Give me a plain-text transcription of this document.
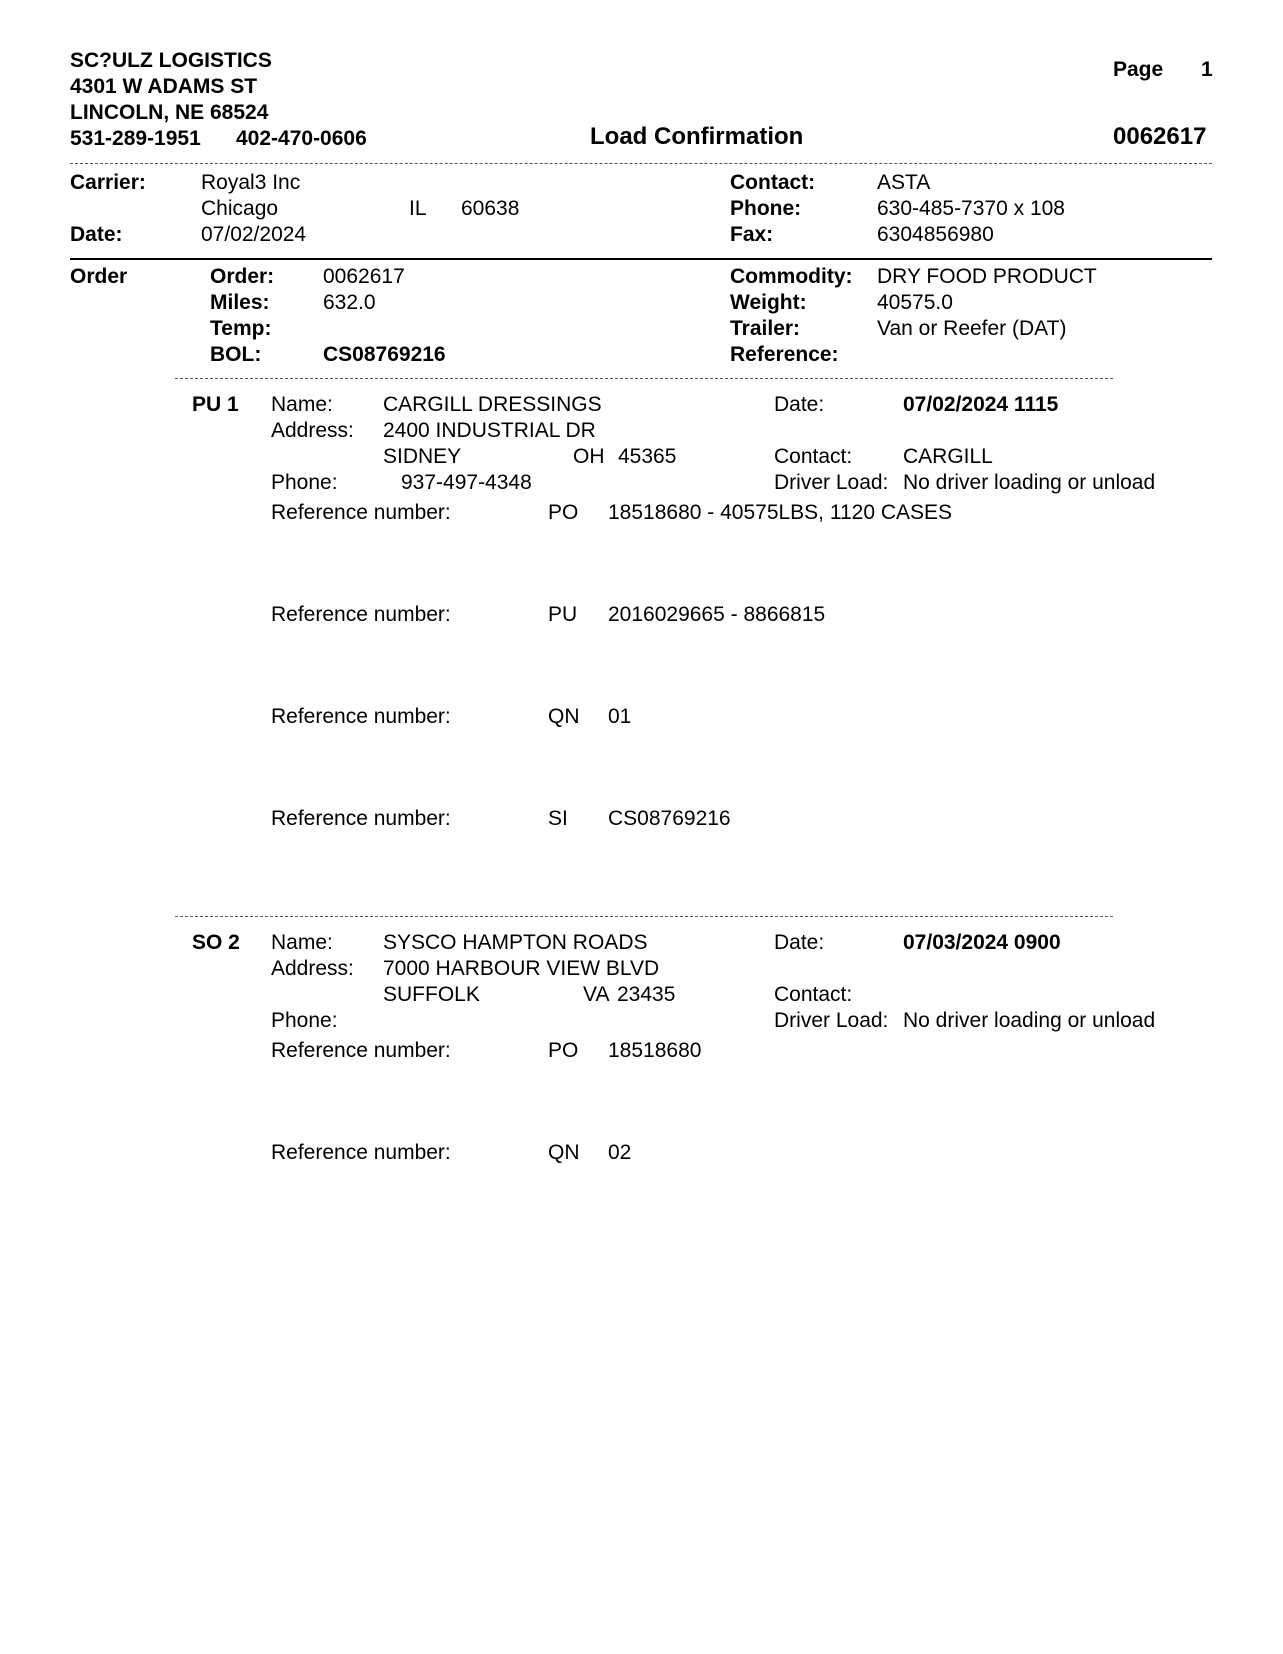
SC?ULZ LOGISTICS
4301 W ADAMS ST
LINCOLN, NE 68524
531-289-1951 402-470-0606
Page 1
Load Confirmation	0062617
Carrier:	Royal3 Inc
Chicago	IL 60638
Date:	07/02/2024
Contact:	ASTA
Phone:	630-485-7370 x 108
Fax:	6304856980
Order	Order: 0062617
Miles:	632.0
Temp:
BOL:	CS08769216
Commodity: DRY FOOD PRODUCT
Weight:	40575.0
Trailer:	Van or Reefer (DAT)
Reference:
PU 1 Name: CARGILL DRESSINGS
Address: 2400 INDUSTRIAL DR
SIDNEY	OH 45365
Phone:	937-497-4348
Date:	07/02/2024 1115
Contact: CARGILL
Driver Load: No driver loading or unload
Reference number:	PO 18518680 - 40575LBS, 1120 CASES
Reference number:	PU 2016029665 - 8866815
Reference number:	QN 01
Reference number:	SI CS08769216
SO 2 Name: SYSCO HAMPTON ROADS
Address: 7000 HARBOUR VIEW BLVD
SUFFOLK	VA 23435
Phone:
Date:	07/03/2024 0900
Contact:
Driver Load: No driver loading or unload
Reference number:	PO 18518680
Reference number:	QN 02
